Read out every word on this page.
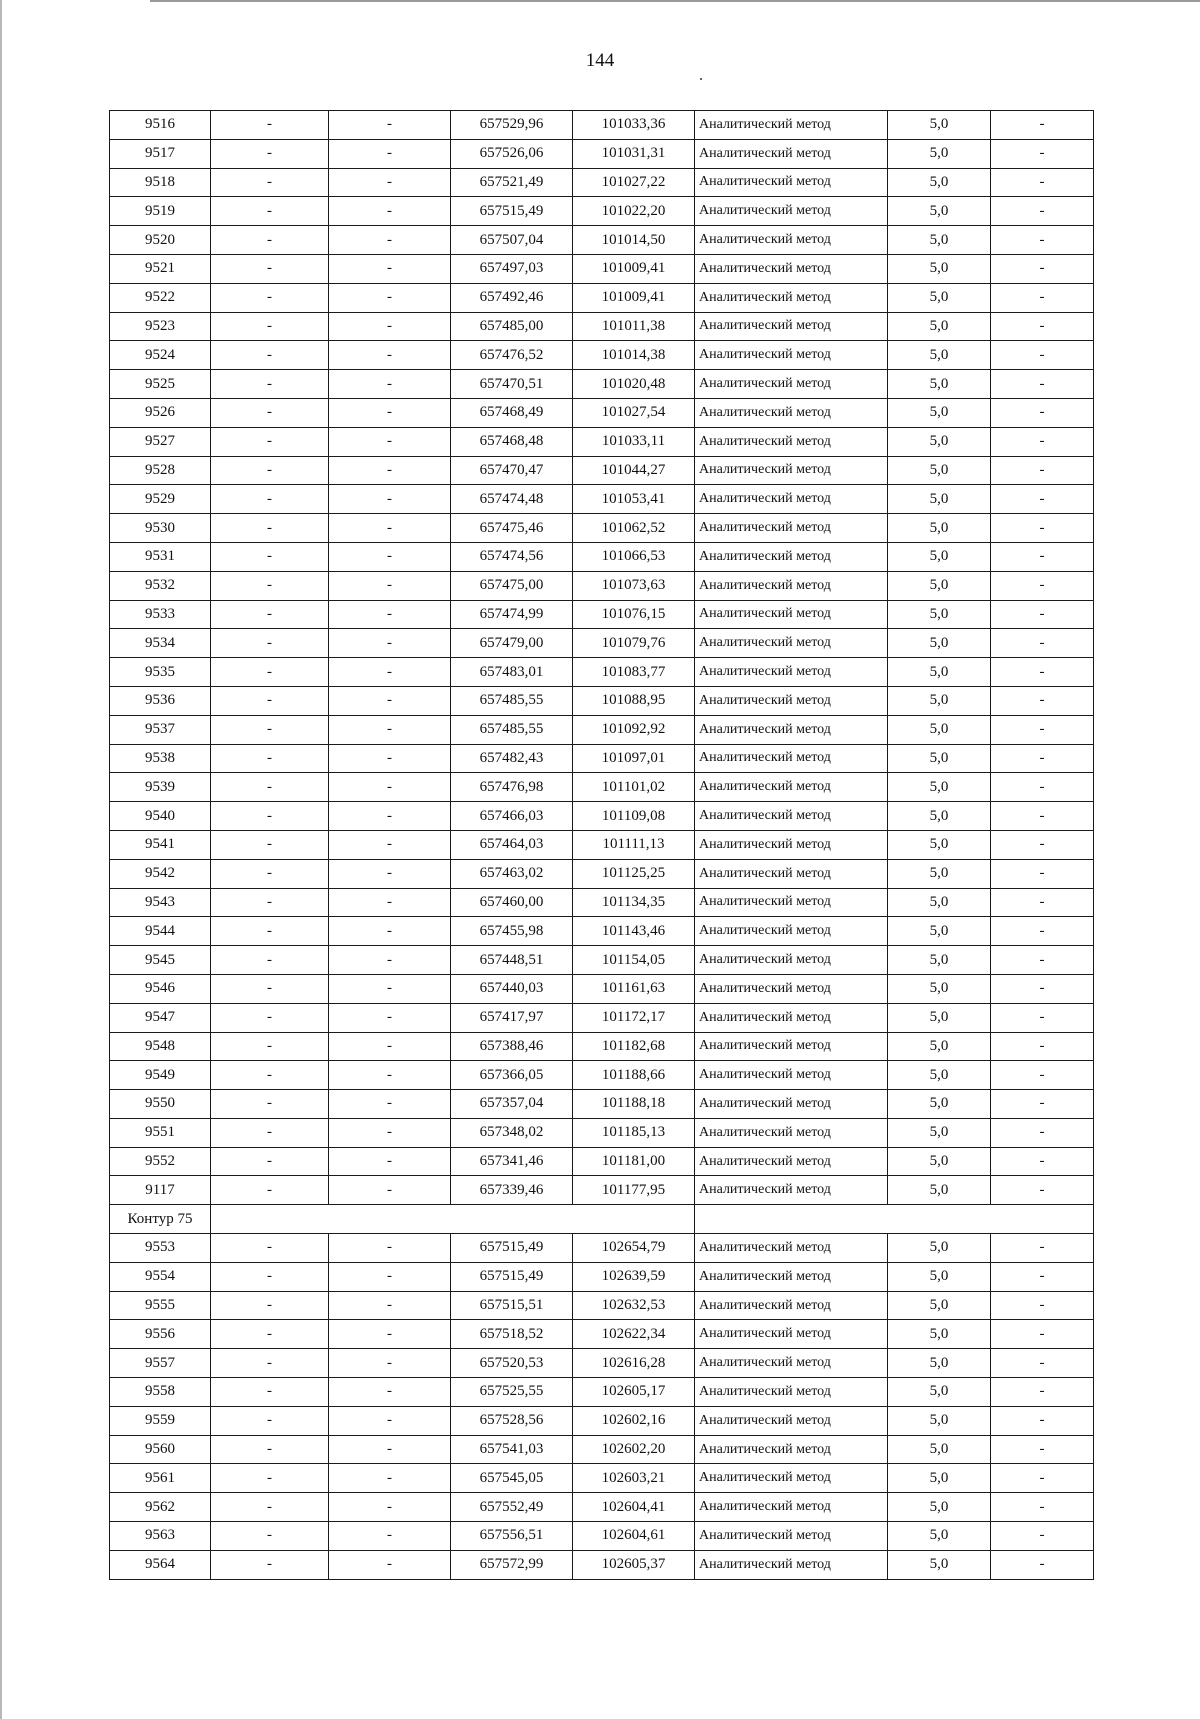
144
9516	-	-	657529,96	101033,36	Аналитический метод	5,0	-
9517	-	-	657526,06	101031,31	Аналитический метод	5,0	-
9518	-	-	657521,49	101027,22	Аналитический метод	5,0	-
9519	-	-	657515,49	101022,20	Аналитический метод	5,0	-
9520	-	-	657507,04	101014,50	Аналитический метод	5,0	-
9521	-	-	657497,03	101009,41	Аналитический метод	5,0	-
9522	-	-	657492,46	101009,41	Аналитический метод	5,0	-
9523	-	-	657485,00	101011,38	Аналитический метод	5,0	-
9524	-	-	657476,52	101014,38	Аналитический метод	5,0	-
9525	-	-	657470,51	101020,48	Аналитический метод	5,0	-
9526	-	-	657468,49	101027,54	Аналитический метод	5,0	-
9527	-	-	657468,48	101033,11	Аналитический метод	5,0	-
9528	-	-	657470,47	101044,27	Аналитический метод	5,0	-
9529	-	-	657474,48	101053,41	Аналитический метод	5,0	-
9530	-	-	657475,46	101062,52	Аналитический метод	5,0	-
9531	-	-	657474,56	101066,53	Аналитический метод	5,0	-
9532	-	-	657475,00	101073,63	Аналитический метод	5,0	-
9533	-	-	657474,99	101076,15	Аналитический метод	5,0	-
9534	-	-	657479,00	101079,76	Аналитический метод	5,0	-
9535	-	-	657483,01	101083,77	Аналитический метод	5,0	-
9536	-	-	657485,55	101088,95	Аналитический метод	5,0	-
9537	-	-	657485,55	101092,92	Аналитический метод	5,0	-
9538	-	-	657482,43	101097,01	Аналитический метод	5,0	-
9539	-	-	657476,98	101101,02	Аналитический метод	5,0	-
9540	-	-	657466,03	101109,08	Аналитический метод	5,0	-
9541	-	-	657464,03	101111,13	Аналитический метод	5,0	-
9542	-	-	657463,02	101125,25	Аналитический метод	5,0	-
9543	-	-	657460,00	101134,35	Аналитический метод	5,0	-
9544	-	-	657455,98	101143,46	Аналитический метод	5,0	-
9545	-	-	657448,51	101154,05	Аналитический метод	5,0	-
9546	-	-	657440,03	101161,63	Аналитический метод	5,0	-
9547	-	-	657417,97	101172,17	Аналитический метод	5,0	-
9548	-	-	657388,46	101182,68	Аналитический метод	5,0	-
9549	-	-	657366,05	101188,66	Аналитический метод	5,0	-
9550	-	-	657357,04	101188,18	Аналитический метод	5,0	-
9551	-	-	657348,02	101185,13	Аналитический метод	5,0	-
9552	-	-	657341,46	101181,00	Аналитический метод	5,0	-
9117	-	-	657339,46	101177,95	Аналитический метод	5,0	-
Контур 75							
9553	-	-	657515,49	102654,79	Аналитический метод	5,0	-
9554	-	-	657515,49	102639,59	Аналитический метод	5,0	-
9555	-	-	657515,51	102632,53	Аналитический метод	5,0	-
9556	-	-	657518,52	102622,34	Аналитический метод	5,0	-
9557	-	-	657520,53	102616,28	Аналитический метод	5,0	-
9558	-	-	657525,55	102605,17	Аналитический метод	5,0	-
9559	-	-	657528,56	102602,16	Аналитический метод	5,0	-
9560	-	-	657541,03	102602,20	Аналитический метод	5,0	-
9561	-	-	657545,05	102603,21	Аналитический метод	5,0	-
9562	-	-	657552,49	102604,41	Аналитический метод	5,0	-
9563	-	-	657556,51	102604,61	Аналитический метод	5,0	-
9564	-	-	657572,99	102605,37	Аналитический метод	5,0	-
